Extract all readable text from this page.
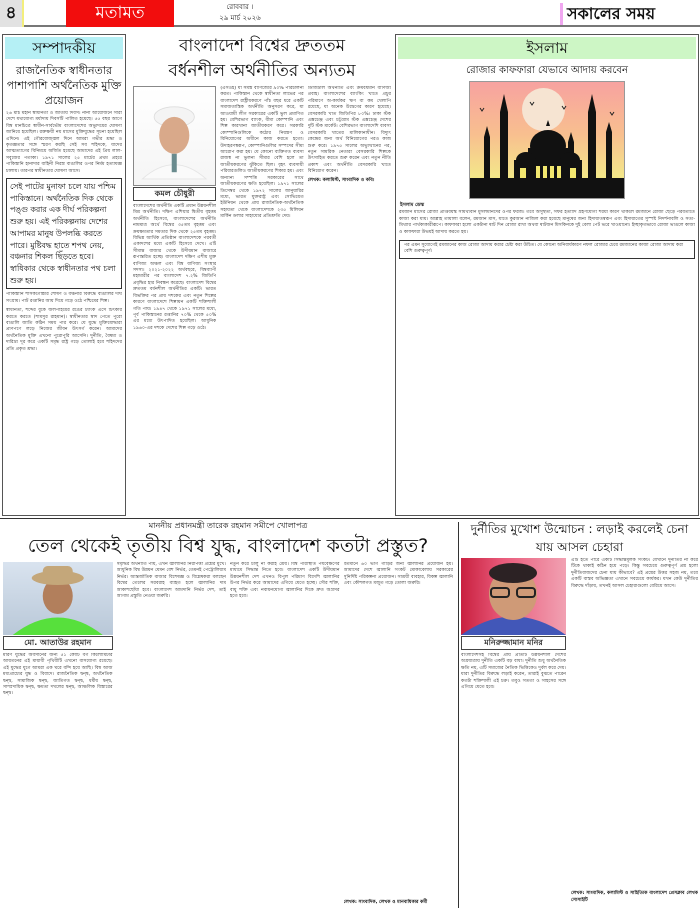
৪	মতামত	রোববার ।
২৯ মার্চ ২০২৬	সকালের সময়
সম্পাদকীয়
রাজনৈতিক স্বাধীনতার পাশাপাশি অর্থনৈতিক মুক্তি প্রয়োজন
২৬ মার্চ মহান স্বাধীনতা ও জাতীয় দিবস। নানা আয়োজনে সারা দেশে যথাযোগ্য মর্যাদায় দিবসটি পালিত হয়েছে। ৫৫ বছর আগে বিশ্ব মানচিত্রে স্বাধীন-সার্বভৌম বাংলাদেশের অভ্যুদয়ের ঘোষণা জানিয়ে হয়েছিল। রক্তক্ষয়ী নয় মাসের মুক্তিযুদ্ধের সূচনা হয়েছিল এদিনে। এই গৌরবোজ্জ্বল দিনে আমরা গভীর শ্রদ্ধা ও কৃতজ্ঞতার সঙ্গে স্মরণ করছি সেই সব শহিদকে, যাদের আত্মত্যাগের বিনিময়ে অর্জিত হয়েছে আমাদের এই প্রিয় লাল-সবুজের পতাকা। ১৯৭১ সালের ২৫ মার্চের প্রথম প্রহরে পাকিস্তানি হানাদার বাহিনী নিরস্ত্র বাঙালির ওপর নির্মম হত্যাযজ্ঞ চালায়। তারপর স্বাধীনতার ঘোষণা আসে।
সেই পাটের মুনাফা চলে যায় পশ্চিম পাকিস্তানে। অর্থনৈতিক দিক থেকে পঙ্গু করার এক দীর্ঘ পরিকল্পনা শুরু হয়। এই পরিকল্পনায় দেশের আপামর মানুষ উপলব্ধি করতে পারে। মুষ্টিবদ্ধ হাতে শপথ নেয়, বঞ্চনার শিকল ছিঁড়তে হবে। স্বাধিকার থেকে স্বাধীনতার পথ চলা শুরু হয়।
পাকিস্তানি শাসকগোষ্ঠীর শোষণ ও বঞ্চনার বিরুদ্ধে বাঙালির দীর্ঘ সংগ্রাম। পাট রপ্তানির আয় দিয়ে গড়ে ওঠে পশ্চিমের শিল্প।
স্বাধীনতা, শব্দের বুকে জলপাইয়ের রঙের ট্যাংক এসে চিৎকার করতে করতে (শামসুর রাহমান)। স্বাধীনতার স্বাদ পেতে পুরো বাঙালি জাতি কঠিন সময় পার করে। যে যুদ্ধে মুক্তিযোদ্ধারা প্রাণপণে লড়ে নিজের জীবন উৎসর্গ করেন। আমাদের অর্থনৈতিক মুক্তি এখনো পুরোপুরি আসেনি। দুর্নীতি, বৈষম্য ও দারিদ্র্য দূর করে একটি সমৃদ্ধ রাষ্ট্র গড়ে তোলাই হবে শহিদদের প্রতি প্রকৃত শ্রদ্ধা।
বাংলাদেশ বিশ্বের দ্রুততম
বর্ধনশীল অর্থনীতির অন্যতম
কমল চৌধুরী
বাংলাদেশের অর্থনীতি একটি প্রধান উন্নয়নশীল মিশ্র অর্থনীতি। দক্ষিণ এশিয়ার দ্বিতীয় বৃহত্তম অর্থনীতি হিসেবে, বাংলাদেশের অর্থনীতি নামমাত্র অর্থে বিশ্বের ৩৫তম বৃহত্তম এবং ক্রয়ক্ষমতার সমতার দিক থেকে ২৫তম বৃহত্তম। বিভিন্ন আর্থিক প্রতিষ্ঠান বাংলাদেশকে পরবর্তী একাদশের মধ্যে একটি হিসেবে দেখে। এটি সীমান্ত বাজার থেকে উদীয়মান বাজারে রূপান্তরিত হচ্ছে। বাংলাদেশ দক্ষিণ এশীয় মুক্ত বাণিজ্য অঞ্চল এবং বিশ্ব বাণিজ্য সংস্থার সদস্য। ২০২১-২০২২ অর্থবছরে, বিশ্বব্যাপী মহামারীর পর বাংলাদেশ ৭.২% জিডিপি প্রবৃদ্ধির হার নিবন্ধন করেছে। বাংলাদেশ বিশ্বের দ্রুততম বর্ধনশীল অর্থনীতির একটি। ভারত বিভক্তির পর প্রায় দশকের এবং নতুন শিল্পের কারণে বাংলাদেশে শিল্পায়ন একটি শক্তিশালী গতি পায়। ১৯৪৭ থেকে ১৯৭১ সালের মধ্যে, পূর্ব পাকিস্তানের রপ্তানির ৭০% থেকে ৫০% এর মধ্যে উৎপাদিত হয়েছিল। আধুনিক ১৯৬০-এর দশকে দেশের শিল্প গড়ে ওঠে।
(এসওই) যা সমস্ত বাণিজ্যের ৯০% পরিচালনা করত। পাকিস্তান থেকে স্বাধীনতা লাভের পর বাংলাদেশ রাষ্ট্রীয়করণে পাঁচ বছর ধরে একটি সমাজতান্ত্রিক অর্থনীতি অনুসরণ করে, যা আওয়ামী লীগ সরকারের একটি ভুল প্রমাণিত হয়। বেশিরভাগ ব্যাংক, বীমা কোম্পানি এবং শিল্প কারখানা জাতীয়করণ করে। সরকারি কোম্পানিগুলিকে কঠোর নিয়ন্ত্রণ ও বিনিয়োগের অধীনে কাজ করতে হতো। উদাহরণস্বরূপ, কোম্পানিগুলির সম্পদের সীমা আরোপ করা হয়। যে কোনো ব্যক্তিগত ব্যবসা রাজস্ব না ভুলনা সীমার বেশি হলে তা জাতীয়করণের ঝুঁকিতে ছিল। বৃহৎ ব্যবসায়ী পরিবারগুলিও জাতীয়করণের শিকার হয়। এবং অন্যান্য সম্পত্তি সরকারের সাথে জাতীয়করণের ক্ষতি হয়েছিল। ১৯৭১ সালের ডিসেম্বর থেকে ১৯৭২ সালের জানুয়ারির মধ্যে, ভারত যুক্তরাষ্ট্র এবং সোভিয়েত ইউনিয়ন থেকে প্রায় রাজনৈতিক-অর্থনৈতিক সহায়তা থেকে বাংলাদেশকে ২৩৫ মিলিয়ন মার্কিন ডলার সাহায্যের প্রতিশ্রুতি দেয়।
ডিজিটাল অর্থনীতি এবং ক্রমবর্ধমান বাণিজ্য প্রবাহ। বাংলাদেশের ব্যাংকিং খাতে প্রচুর পরিমাণে অ-কার্যকর ঋণ বা কম খেলাপি রয়েছে, যা অনেক উদ্বেগের কারণ হয়েছে। বেসরকারি খাত জিডিপির ৮০%। ঢাকা স্টক এক্সচেঞ্জ এবং চট্টগ্রাম স্টক এক্সচেঞ্জ দেশের দুটি স্টক মার্কেট। বেশিরভাগ বাংলাদেশি ব্যবসা বেসরকারি খাতের মালিকানাধীন। বিদ্যুৎ কেন্দ্রের জন্য অর্থ বিনিয়োগের পরও কাজ শুরু করে। ১৯৭৫ সালের অভ্যুত্থানের পর, নতুন সামরিক নেতারা বেসরকারি শিল্পকে উৎসাহিত করতে শুরু করেন এবং নতুন নীতি প্রকাশ এবং অর্থনীতি বেসরকারি খাতে বিনিয়োগ করেন।
লেখক: কলামিস্ট, সাংবাদিক ও কবি।
ইসলাম
রোজার কাফফারা যেভাবে আদায় করবেন
ইসলাম ডেস্ক
রমজান মাসের রোজা প্রাপ্তবয়স্ক সামর্থ্যবান মুসলমানদের ওপর ফরজ। তবে অসুস্থতা, সফর ইত্যাদি গ্রহণযোগ্য শরয়ী কারণ থাকলে রমজানে রোজা ছেড়ে পরবর্তীতে কাজা করা যায়। আল্লাহ তায়ালা বলেন, রমজান মাস, যাতে কুরআন নাজিল করা হয়েছে মানুষের জন্য হিদায়াতস্বরূপ এবং হিদায়াতের সুস্পষ্ট নিদর্শনাবলি ও সত্য-মিথ্যার পার্থক্যকারীরূপে। কাফফারা হলো একটানা ষাট দিন রোজা রাখা অথবা ষাটজন মিসকিনকে দুই বেলা পেট ভরে খাওয়ানো। ইচ্ছাকৃতভাবে রোজা ভাঙলে কাজা ও কাফফারা উভয়ই আদায় করতে হয়।
পর এমন সুযোগেই রমজানের কাজ রোজা আদায় করার চেষ্টা করা উচিত। যে কোনো অনিবার্যকারণ নফল রোজার চেয়ে রমজানের কাজা রোজা আদায় করা বেশি গুরুত্বপূর্ণ।
মাননীয় প্রধানমন্ত্রী তারেক রহমান সমীপে খোলাপত্র
তেল থেকেই তৃতীয় বিশ্ব যুদ্ধ, বাংলাদেশ কতটা প্রস্তুত?
মো. আতাউর রহমান
মারণ যুদ্ধের অবসানের জন্য ৫১ কোটি বর্গ কিলোমিটার আয়তনের এই মায়াবী পৃথিবীটি এখনো বাসযোগ্য রয়েছে। এই যুদ্ধের যুগে আমরা এক ঘরে বন্দি হয়ে আছি। বিশ্ব আজ মধ্যপ্রাচ্যের যুদ্ধ ও বিবাদে। রাজনৈতিক দ্বন্দ্ব, অর্থনৈতিক দ্বন্দ্ব, সামাজিক দ্বন্দ্ব, জাতিগত দ্বন্দ্ব, ধর্মীয় দ্বন্দ্ব, সাম্প্রদায়িক দ্বন্দ্ব, ক্ষমতা দখলের দ্বন্দ্ব, আঞ্চলিক বিস্তারের দ্বন্দ্ব।
সমৃদ্ধির অর্থনীতি পায়, এখন জ্বালানির নিরাপত্তা প্রশ্নের মুখে। আধুনিক বিশ্ব উন্নয়ন যেমন বেশ নির্ভর, তেমনই পেট্রোলিয়াম নির্ভর। আন্তর্জাতিক বাজার বিশেষজ্ঞ ও বিশ্লেষকরা বলছেন বিশ্বের তেলের সরবরাহ ব্যাহত হলে জ্বালানির দাম আকাশছোঁয়া হবে। বাংলাদেশ আমদানি নির্ভর দেশ, তাই আগাম প্রস্তুতি নেওয়া জরুরি।
নতুন করে চালু না করাই শ্রেয়। বিশ্ব পরিস্থিতি পর্যবেক্ষণের মাধ্যমে সিদ্ধান্ত নিতে হবে। বাংলাদেশ একটি উদীয়মান উন্নয়নশীল দেশ এখনও বিপুল পরিমাণ বিদেশি জ্বালানির উপর নির্ভর করে আমাদের এগিয়ে যেতে হচ্ছে। সৌর শক্তি, বায়ু শক্তি এবং নবায়নযোগ্য জ্বালানির দিকে দ্রুত অগ্রসর হতে হবে।
বর্তমানে ৬০ ভাগ গাড়ির জন্য জ্বালানির প্রয়োজন হয়। আমাদের দেশে জ্বালানি সংকট মোকাবেলায় সরকারের সুনির্দিষ্ট পরিকল্পনা প্রয়োজন। সাশ্রয়ী ব্যবহার, বিকল্প জ্বালানি এবং কৌশলগত মজুত গড়ে তোলা জরুরি।
লেখক: সাংবাদিক, লেখক ও মানবাধিকার কর্মী
দুর্নীতির মুখোশ উন্মোচন : লড়াই করলেই চেনা যায় আসল চেহারা
মনিরুজ্জামান মনির
বাংলাদেশসহ বিশ্বের প্রায় প্রতিটি উন্নয়নশীল দেশের অগ্রযাত্রায় দুর্নীতি একটি বড় বাধা। দুর্নীতি শুধু অর্থনৈতিক ক্ষতি নয়, এটি সমাজের নৈতিক ভিত্তিকেও দুর্বল করে দেয়। যারা দুর্নীতির বিরুদ্ধে লড়াই করেন, তারাই বুঝতে পারেন কতটা শক্তিশালী এই চক্র। তবুও সততা ও সাহসের সঙ্গে এগিয়ে যেতে হবে।
এটি হতে পারে একটি সিদ্ধান্তমূলক সংকট। যেখানে দুর্নীতির না করে টিকে থাকাই কঠিন হয়ে পড়ে। কিন্তু সবচেয়ে গুরুত্বপূর্ণ প্রশ্ন হলো দুর্নীতিবাজদের চেনা যায় কীভাবে? এই প্রশ্নের উত্তর সহজ নয়, তবে একটি বাস্তব অভিজ্ঞতা এখানে সবচেয়ে কার্যকর। যখন কেউ দুর্নীতির বিরুদ্ধে দাঁড়ায়, তখনই আসল চেহারাগুলো বেরিয়ে আসে।
লেখক: সাংবাদিক, কলামিস্ট ও সাহিত্যিক বাংলাদেশ প্রেসক্লাব লেখক সোসাইটি
